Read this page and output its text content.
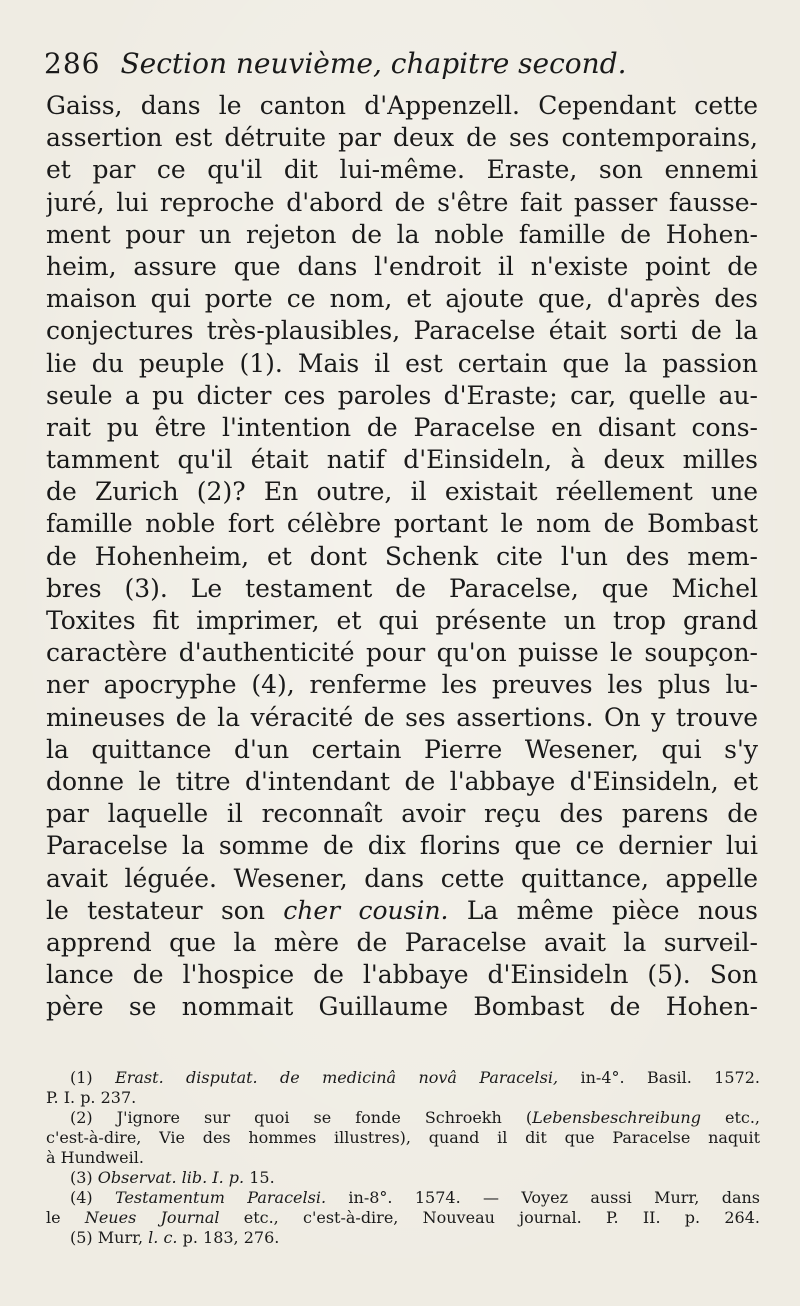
286 Section neuvième, chapitre second.
Gaiss, dans le canton d'Appenzell. Cependant cette
assertion est détruite par deux de ses contemporains,
et par ce qu'il dit lui-même. Eraste, son ennemi
juré, lui reproche d'abord de s'être fait passer fausse-
ment pour un rejeton de la noble famille de Hohen-
heim, assure que dans l'endroit il n'existe point de
maison qui porte ce nom, et ajoute que, d'après des
conjectures très-plausibles, Paracelse était sorti de la
lie du peuple (1). Mais il est certain que la passion
seule a pu dicter ces paroles d'Eraste; car, quelle au-
rait pu être l'intention de Paracelse en disant cons-
tamment qu'il était natif d'Einsideln, à deux milles
de Zurich (2)? En outre, il existait réellement une
famille noble fort célèbre portant le nom de Bombast
de Hohenheim, et dont Schenk cite l'un des mem-
bres (3). Le testament de Paracelse, que Michel
Toxites fit imprimer, et qui présente un trop grand
caractère d'authenticité pour qu'on puisse le soupçon-
ner apocryphe (4), renferme les preuves les plus lu-
mineuses de la véracité de ses assertions. On y trouve
la quittance d'un certain Pierre Wesener, qui s'y
donne le titre d'intendant de l'abbaye d'Einsideln, et
par laquelle il reconnaît avoir reçu des parens de
Paracelse la somme de dix florins que ce dernier lui
avait léguée. Wesener, dans cette quittance, appelle
le testateur son cher cousin. La même pièce nous
apprend que la mère de Paracelse avait la surveil-
lance de l'hospice de l'abbaye d'Einsideln (5). Son
père se nommait Guillaume Bombast de Hohen-
(1) Erast. disputat. de medicinâ novâ Paracelsi, in-4°. Basil. 1572.
P. I. p. 237.
(2) J'ignore sur quoi se fonde Schroekh (Lebensbeschreibung etc.,
c'est-à-dire, Vie des hommes illustres), quand il dit que Paracelse naquit
à Hundweil.
(3) Observat. lib. I. p. 15.
(4) Testamentum Paracelsi. in-8°. 1574. — Voyez aussi Murr, dans
le Neues Journal etc., c'est-à-dire, Nouveau journal. P. II. p. 264.
(5) Murr, l. c. p. 183, 276.
